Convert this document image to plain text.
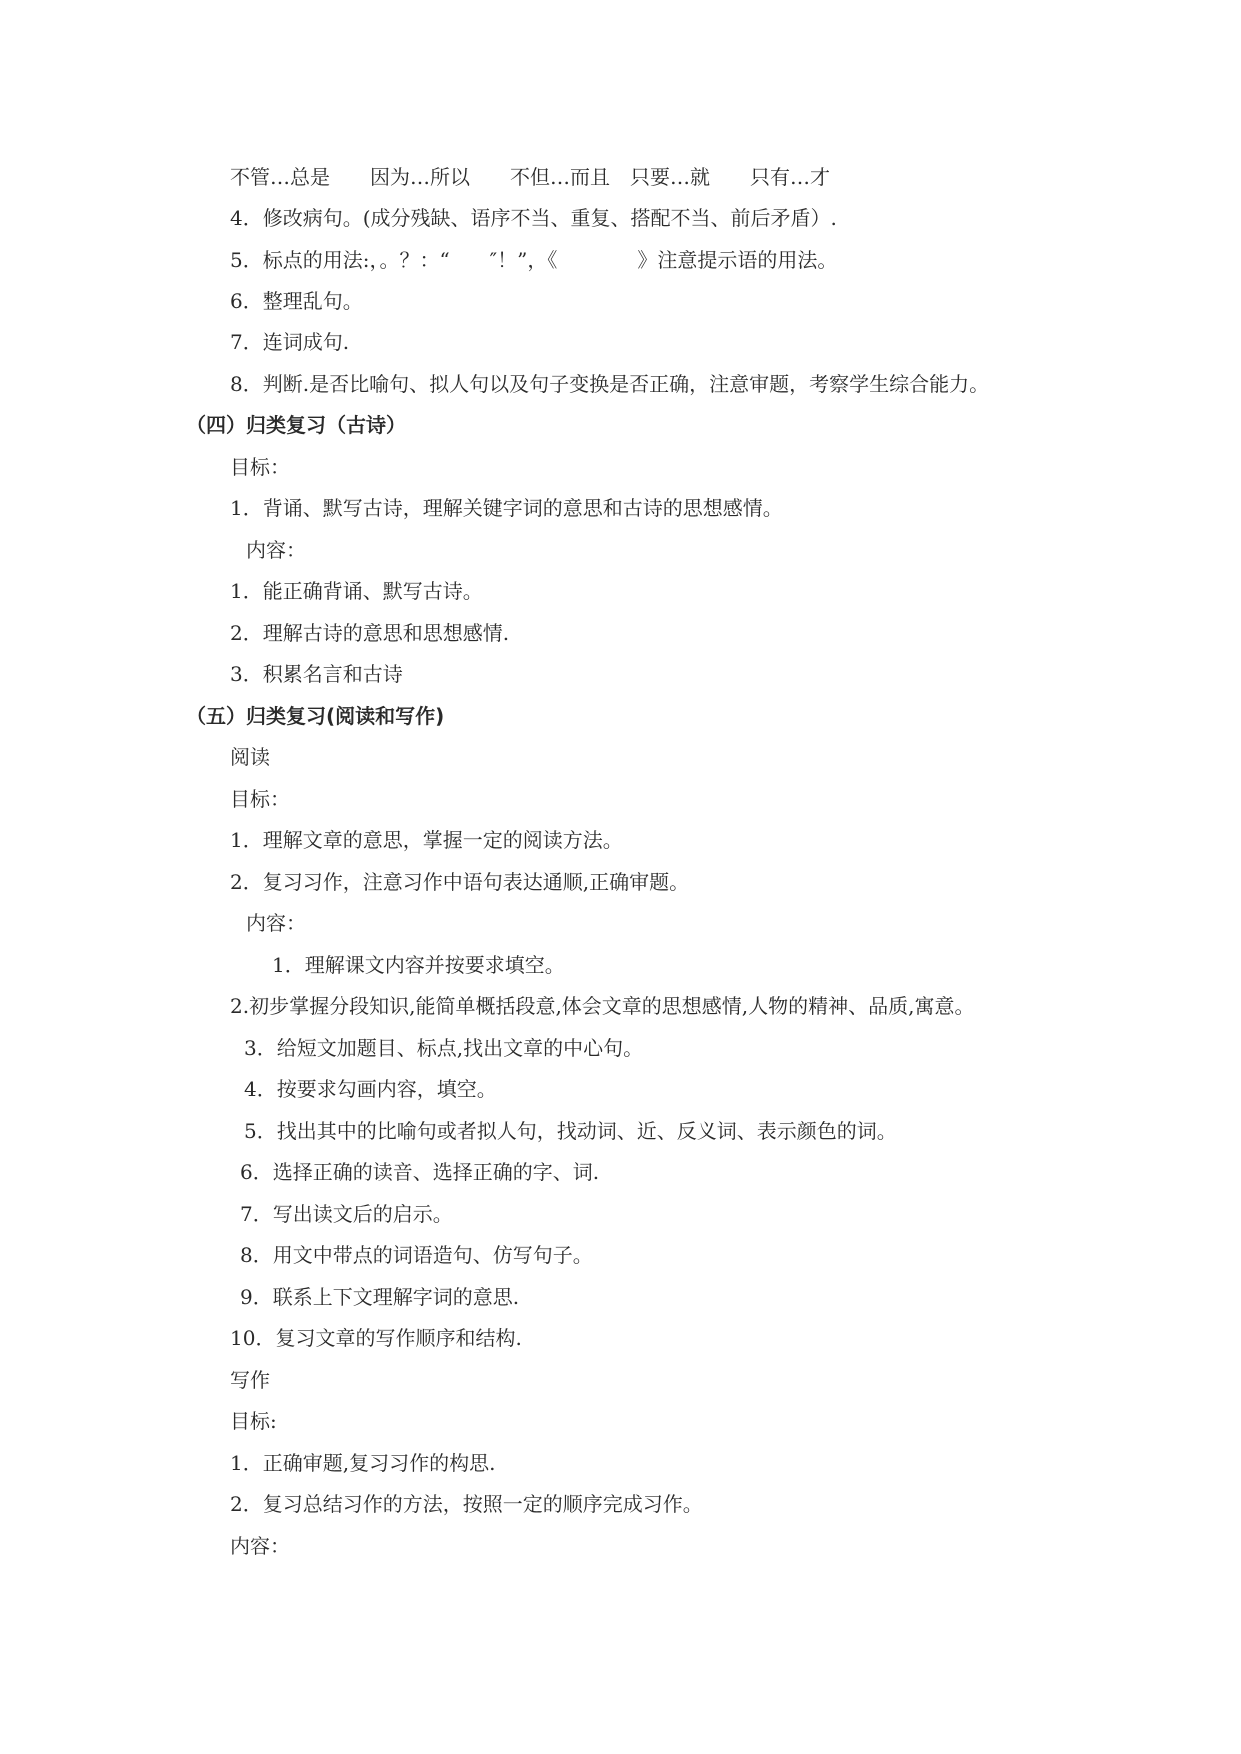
不管…总是　　因为…所以　　不但…而且　只要…就　　只有…才
4．修改病句。(成分残缺、语序不当、重复、搭配不当、前后矛盾）.
5．标点的用法:，。？：“　　″！”，《　　　　》注意提示语的用法。
6．整理乱句。
7．连词成句.
8．判断.是否比喻句、拟人句以及句子变换是否正确，注意审题，考察学生综合能力。
（四）归类复习（古诗）
目标：
1．背诵、默写古诗，理解关键字词的意思和古诗的思想感情。
内容：
1．能正确背诵、默写古诗。
2．理解古诗的意思和思想感情.
3．积累名言和古诗
（五）归类复习(阅读和写作)
阅读
目标：
1．理解文章的意思，掌握一定的阅读方法。
2．复习习作，注意习作中语句表达通顺,正确审题。
内容：
1．理解课文内容并按要求填空。
2.初步掌握分段知识,能简单概括段意,体会文章的思想感情,人物的精神、品质,寓意。
3．给短文加题目、标点,找出文章的中心句。
4．按要求勾画内容，填空。
5．找出其中的比喻句或者拟人句，找动词、近、反义词、表示颜色的词。
6．选择正确的读音、选择正确的字、词.
7．写出读文后的启示。
8．用文中带点的词语造句、仿写句子。
9．联系上下文理解字词的意思.
10．复习文章的写作顺序和结构.
写作
目标:
1．正确审题,复习习作的构思.
2．复习总结习作的方法，按照一定的顺序完成习作。
内容：
